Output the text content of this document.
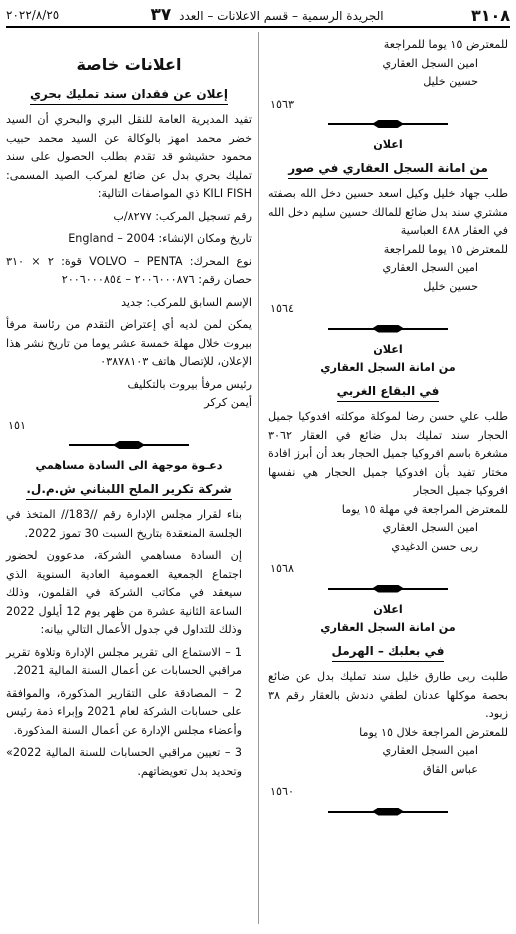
٣١٠٨
الجريدة الرسمية – قسم الاعلانات – العدد ٣٧
٢٠٢٢/٨/٢٥
للمعترض ١٥ يوما للمراجعة
امين السجل العقاري
حسين خليل
١٥٦٣
اعلان
من امانة السجل العقاري في صور
طلب جهاد خليل وكيل اسعد حسين دخل الله بصفته مشتري سند بدل ضائع للمالك حسين سليم دخل الله في العقار ٤٨٨ العباسية
للمعترض ١٥ يوما للمراجعة
امين السجل العقاري
حسين خليل
١٥٦٤
اعلان
من امانة السجل العقاري
في البقاع الغربي
طلب علي حسن رضا لموكلة موكلته افدوكيا جميل الحجار سند تمليك بدل ضائع في العقار ٣٠٦٢ مشغرة باسم افروكيا جميل الحجار بعد أن أبرز افادة مختار تفيد بأن افدوكيا جميل الحجار هي نفسها افروكيا جميل الحجار
للمعترض المراجعة في مهلة ١٥ يوما
امين السجل العقاري
ربى حسن الدغيدي
١٥٦٨
اعلان
من امانة السجل العقاري
في بعلبك – الهرمل
طلبت ربى طارق خليل سند تمليك بدل عن ضائع بحصة موكلها عدنان لطفي دندش بالعقار رقم ٣٨ زبود.
للمعترض المراجعة خلال ١٥ يوما
امين السجل العقاري
عباس القاق
١٥٦٠
اعلانات خاصة
إعلان عن فقدان سند تمليك بحري
تفيد المديرية العامة للنقل البري والبحري أن السيد خضر محمد امهز بالوكالة عن السيد محمد حبيب محمود حشيشو قد تقدم بطلب الحصول على سند تمليك بحري بدل عن ضائع لمركب الصيد المسمى: KILI FISH ذي المواصفات التالية:
رقم تسجيل المركب: ٨٢٧٧/ب
تاريخ ومكان الإنشاء: 2004 – England
نوع المحرك: VOLVO – PENTA قوة: ٢ × ٣١٠ حصان رقم: ٢٠٠٦٠٠٠٨٧٦ – ٢٠٠٦٠٠٠٨٥٤
الإسم السابق للمركب: جديد
يمكن لمن لديه أي إعتراض التقدم من رئاسة مرفأ بيروت خلال مهلة خمسة عشر يوما من تاريخ نشر هذا الإعلان، للإتصال هاتف ٠٣٨٧٨١٠٣
رئيس مرفأ بيروت بالتكليف
أيمن كركر
١٥١
دعـوة موجهة الى السادة مساهمي
شركة تكرير الملح اللبناني ش.م.ل.
بناء لقرار مجلس الإدارة رقم //183// المتخذ في الجلسة المنعقدة بتاريخ السبت 30 تموز 2022.
إن السادة مساهمي الشركة، مدعوون لحضور اجتماع الجمعية العمومية العادية السنوية الذي سيعقد في مكاتب الشركة في القلمون، وذلك الساعة الثانية عشرة من ظهر يوم 12 أيلول 2022 وذلك للتداول في جدول الأعمال التالي بيانه:
1 – الاستماع الى تقرير مجلس الإدارة وتلاوة تقرير مراقبي الحسابات عن أعمال السنة المالية 2021.
2 – المصادقة على التقارير المذكورة، والموافقة على حسابات الشركة لعام 2021 وإبراء ذمة رئيس وأعضاء مجلس الإدارة عن أعمال السنة المذكورة.
3 – تعيين مراقبي الحسابات للسنة المالية 2022» وتحديد بدل تعويضاتهم.
